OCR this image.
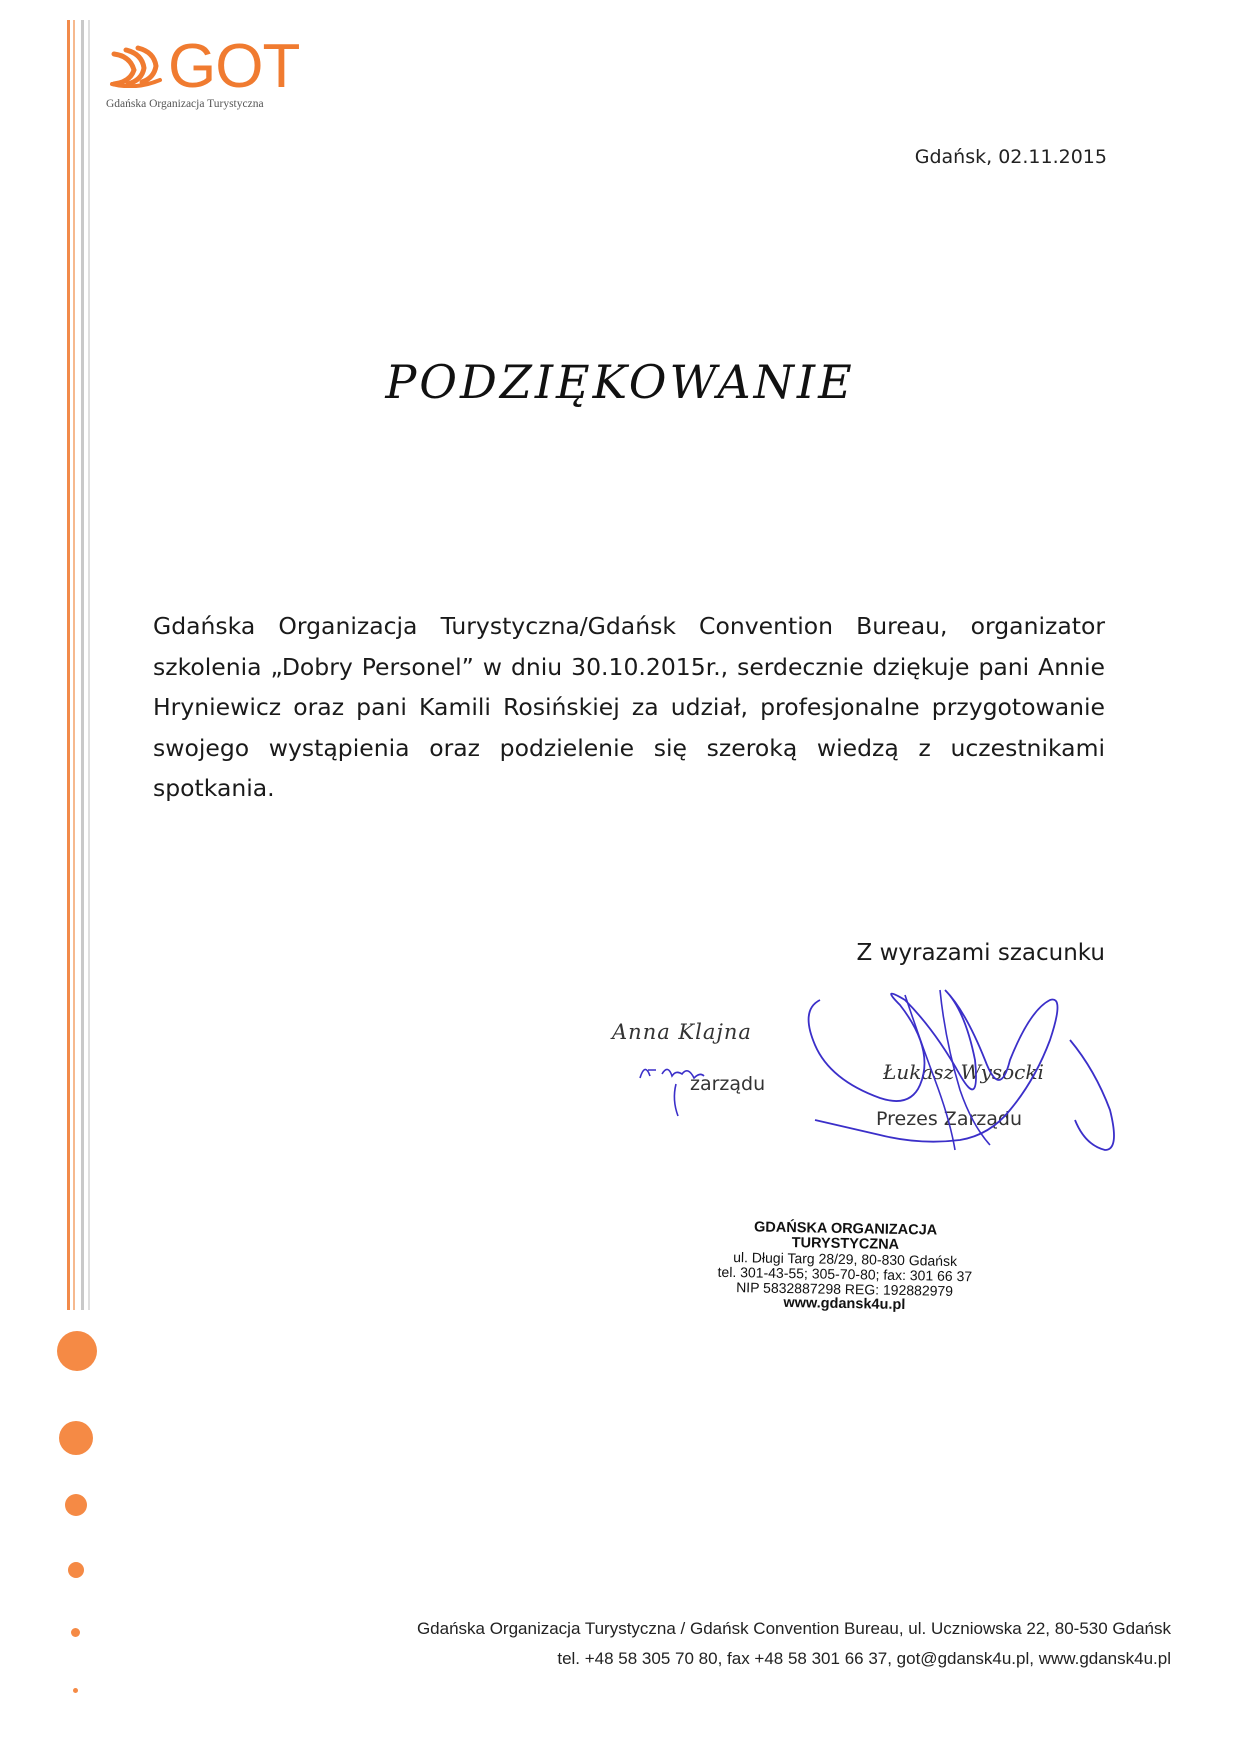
GOT
Gdańska Organizacja Turystyczna
Gdańsk, 02.11.2015
PODZIĘKOWANIE
Gdańska Organizacja Turystyczna/Gdańsk Convention Bureau, organizator szkolenia „Dobry Personel” w dniu 30.10.2015r., serdecznie dziękuje pani Annie Hryniewicz oraz pani Kamili Rosińskiej za udział, profesjonalne przygotowanie swojego wystąpienia oraz podzielenie się szeroką wiedzą z uczestnikami spotkania.
Z wyrazami szacunku
Anna Klajna
zarządu	Łukasz Wysocki
Prezes Zarządu
GDAŃSKA ORGANIZACJA
TURYSTYCZNA
ul. Długi Targ 28/29, 80-830 Gdańsk
tel. 301-43-55; 305-70-80; fax: 301 66 37
NIP 5832887298 REG: 192882979
www.gdansk4u.pl
Gdańska Organizacja Turystyczna / Gdańsk Convention Bureau, ul. Uczniowska 22, 80-530 Gdańsk
tel. +48 58 305 70 80, fax +48 58 301 66 37, got@gdansk4u.pl, www.gdansk4u.pl
